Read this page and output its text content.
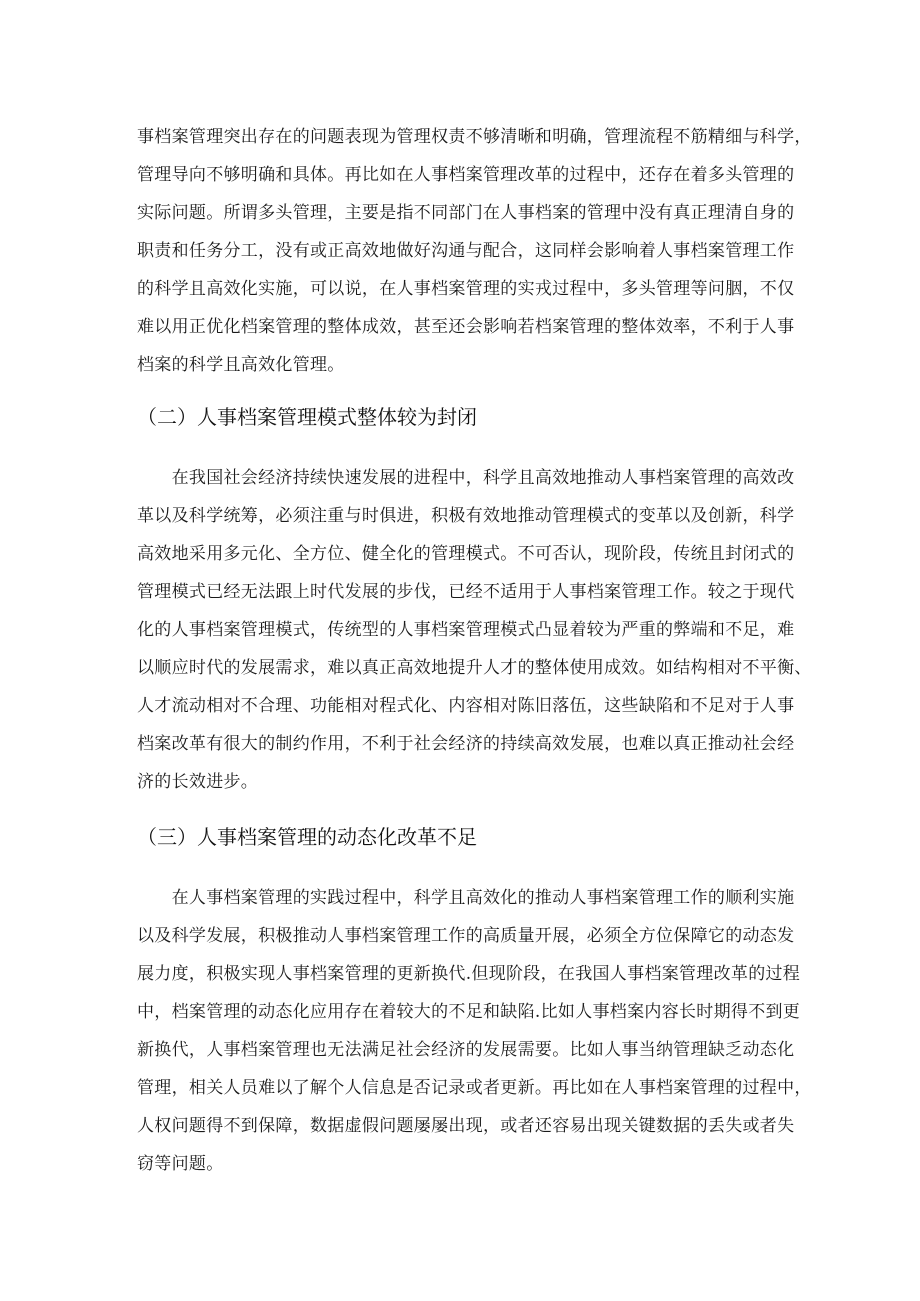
事档案管理突出存在的问题表现为管理权责不够清晰和明确，管理流程不筋精细与科学，
管理导向不够明确和具体。再比如在人事档案管理改革的过程中，还存在着多头管理的
实际问题。所谓多头管理，主要是指不同部门在人事档案的管理中没有真正理清自身的
职责和任务分工，没有或正高效地做好沟通与配合，这同样会影响着人事档案管理工作
的科学且高效化实施，可以说，在人事档案管理的实戎过程中，多头管理等问胭，不仅
难以用正优化档案管理的整体成效，甚至还会影响若档案管理的整体效率，不利于人事
档案的科学且高效化管理。
（二）人事档案管理模式整体较为封闭
　　在我国社会经济持续快速发展的进程中，科学且高效地推动人事档案管理的高效改
革以及科学统筹，必须注重与时俱进，积极有效地推动管理模式的变革以及创新，科学
高效地采用多元化、全方位、健全化的管理模式。不可否认，现阶段，传统且封闭式的
管理模式已经无法跟上时代发展的步伐，已经不适用于人事档案管理工作。较之于现代
化的人事档案管理模式，传统型的人事档案管理模式凸显着较为严重的弊端和不足，难
以顺应时代的发展需求，难以真正高效地提升人才的整体使用成效。如结构相对不平衡、
人才流动相对不合理、功能相对程式化、内容相对陈旧落伍，这些缺陷和不足对于人事
档案改革有很大的制约作用，不利于社会经济的持续高效发展，也难以真正推动社会经
济的长效进步。
（三）人事档案管理的动态化改革不足
　　在人事档案管理的实践过程中，科学且高效化的推动人事档案管理工作的顺利实施
以及科学发展，积极推动人事档案管理工作的高质量开展，必须全方位保障它的动态发
展力度，积极实现人事档案管理的更新换代.但现阶段，在我国人事档案管理改革的过程
中，档案管理的动态化应用存在着较大的不足和缺陷.比如人事档案内容长时期得不到更
新换代，人事档案管理也无法满足社会经济的发展需要。比如人事当纳管理缺乏动态化
管理，相关人员难以了解个人信息是否记录或者更新。再比如在人事档案管理的过程中，
人权问题得不到保障，数据虚假问题屡屡出现，或者还容易出现关键数据的丢失或者失
窃等问题。
